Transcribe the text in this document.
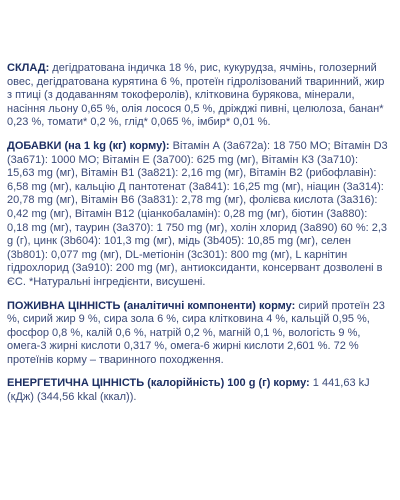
СКЛАД: дегідратована індичка 18 %, рис, кукурудза, ячмінь, голозерний овес, дегідратована курятина 6 %, протеїн гідролізований тваринний, жир з птиці (з додаванням токоферолів), клітковина бурякова, мінерали, насіння льону 0,65 %, олія лосося 0,5 %, дріжджі пивні, целюлоза, банан* 0,23 %, томати* 0,2 %, глід* 0,065 %, імбир* 0,01 %.

ДОБАВКИ (на 1 kg (кг) корму): Вітамін А (3а672а): 18 750 МО; Вітамін D3 (3а671): 1000 МО; Вітамін Е (3а700): 625 mg (мг), Вітамін К3 (3а710): 15,63 mg (мг), Вітамін В1 (3а821): 2,16 mg (мг), Вітамін В2 (рибофлавін): 6,58 mg (мг), кальцію Д пантотенат (3а841): 16,25 mg (мг), ніацин (3а314): 20,78 mg (мг), Вітамін В6 (3а831): 2,78 mg (мг), фолієва кислота (3а316): 0,42 mg (мг), Вітамін В12 (ціанкобаламін): 0,28 mg (мг), біотин (3а880): 0,18 mg (мг), таурин (3а370): 1 750 mg (мг), холін хлорид (3а890) 60 %: 2,3 g (г), цинк (3b604): 101,3 mg (мг), мідь (3b405): 10,85 mg (мг), селен (3b801): 0,077 mg (мг), DL-метіонін (3c301): 800 mg (мг), L карнітин гідрохлорид (3а910): 200 mg (мг), антиоксиданти, консервант дозволені в ЄС. *Натуральні інгредієнти, висушені.

ПОЖИВНА ЦІННІСТЬ (аналітичні компоненти) корму: сирий протеїн 23 %, сирий жир 9 %, сира зола 6 %, сира клітковина 4 %, кальцій 0,95 %, фосфор 0,8 %, калій 0,6 %, натрій 0,2 %, магній 0,1 %, вологість 9 %, омега-3 жирні кислоти 0,317 %, омега-6 жирні кислоти 2,601 %. 72 % протеїнів корму – тваринного походження.

ЕНЕРГЕТИЧНА ЦІННІСТЬ (калорійність) 100 g (г) корму: 1 441,63 kJ (кДж) (344,56 kkal (ккал)).
